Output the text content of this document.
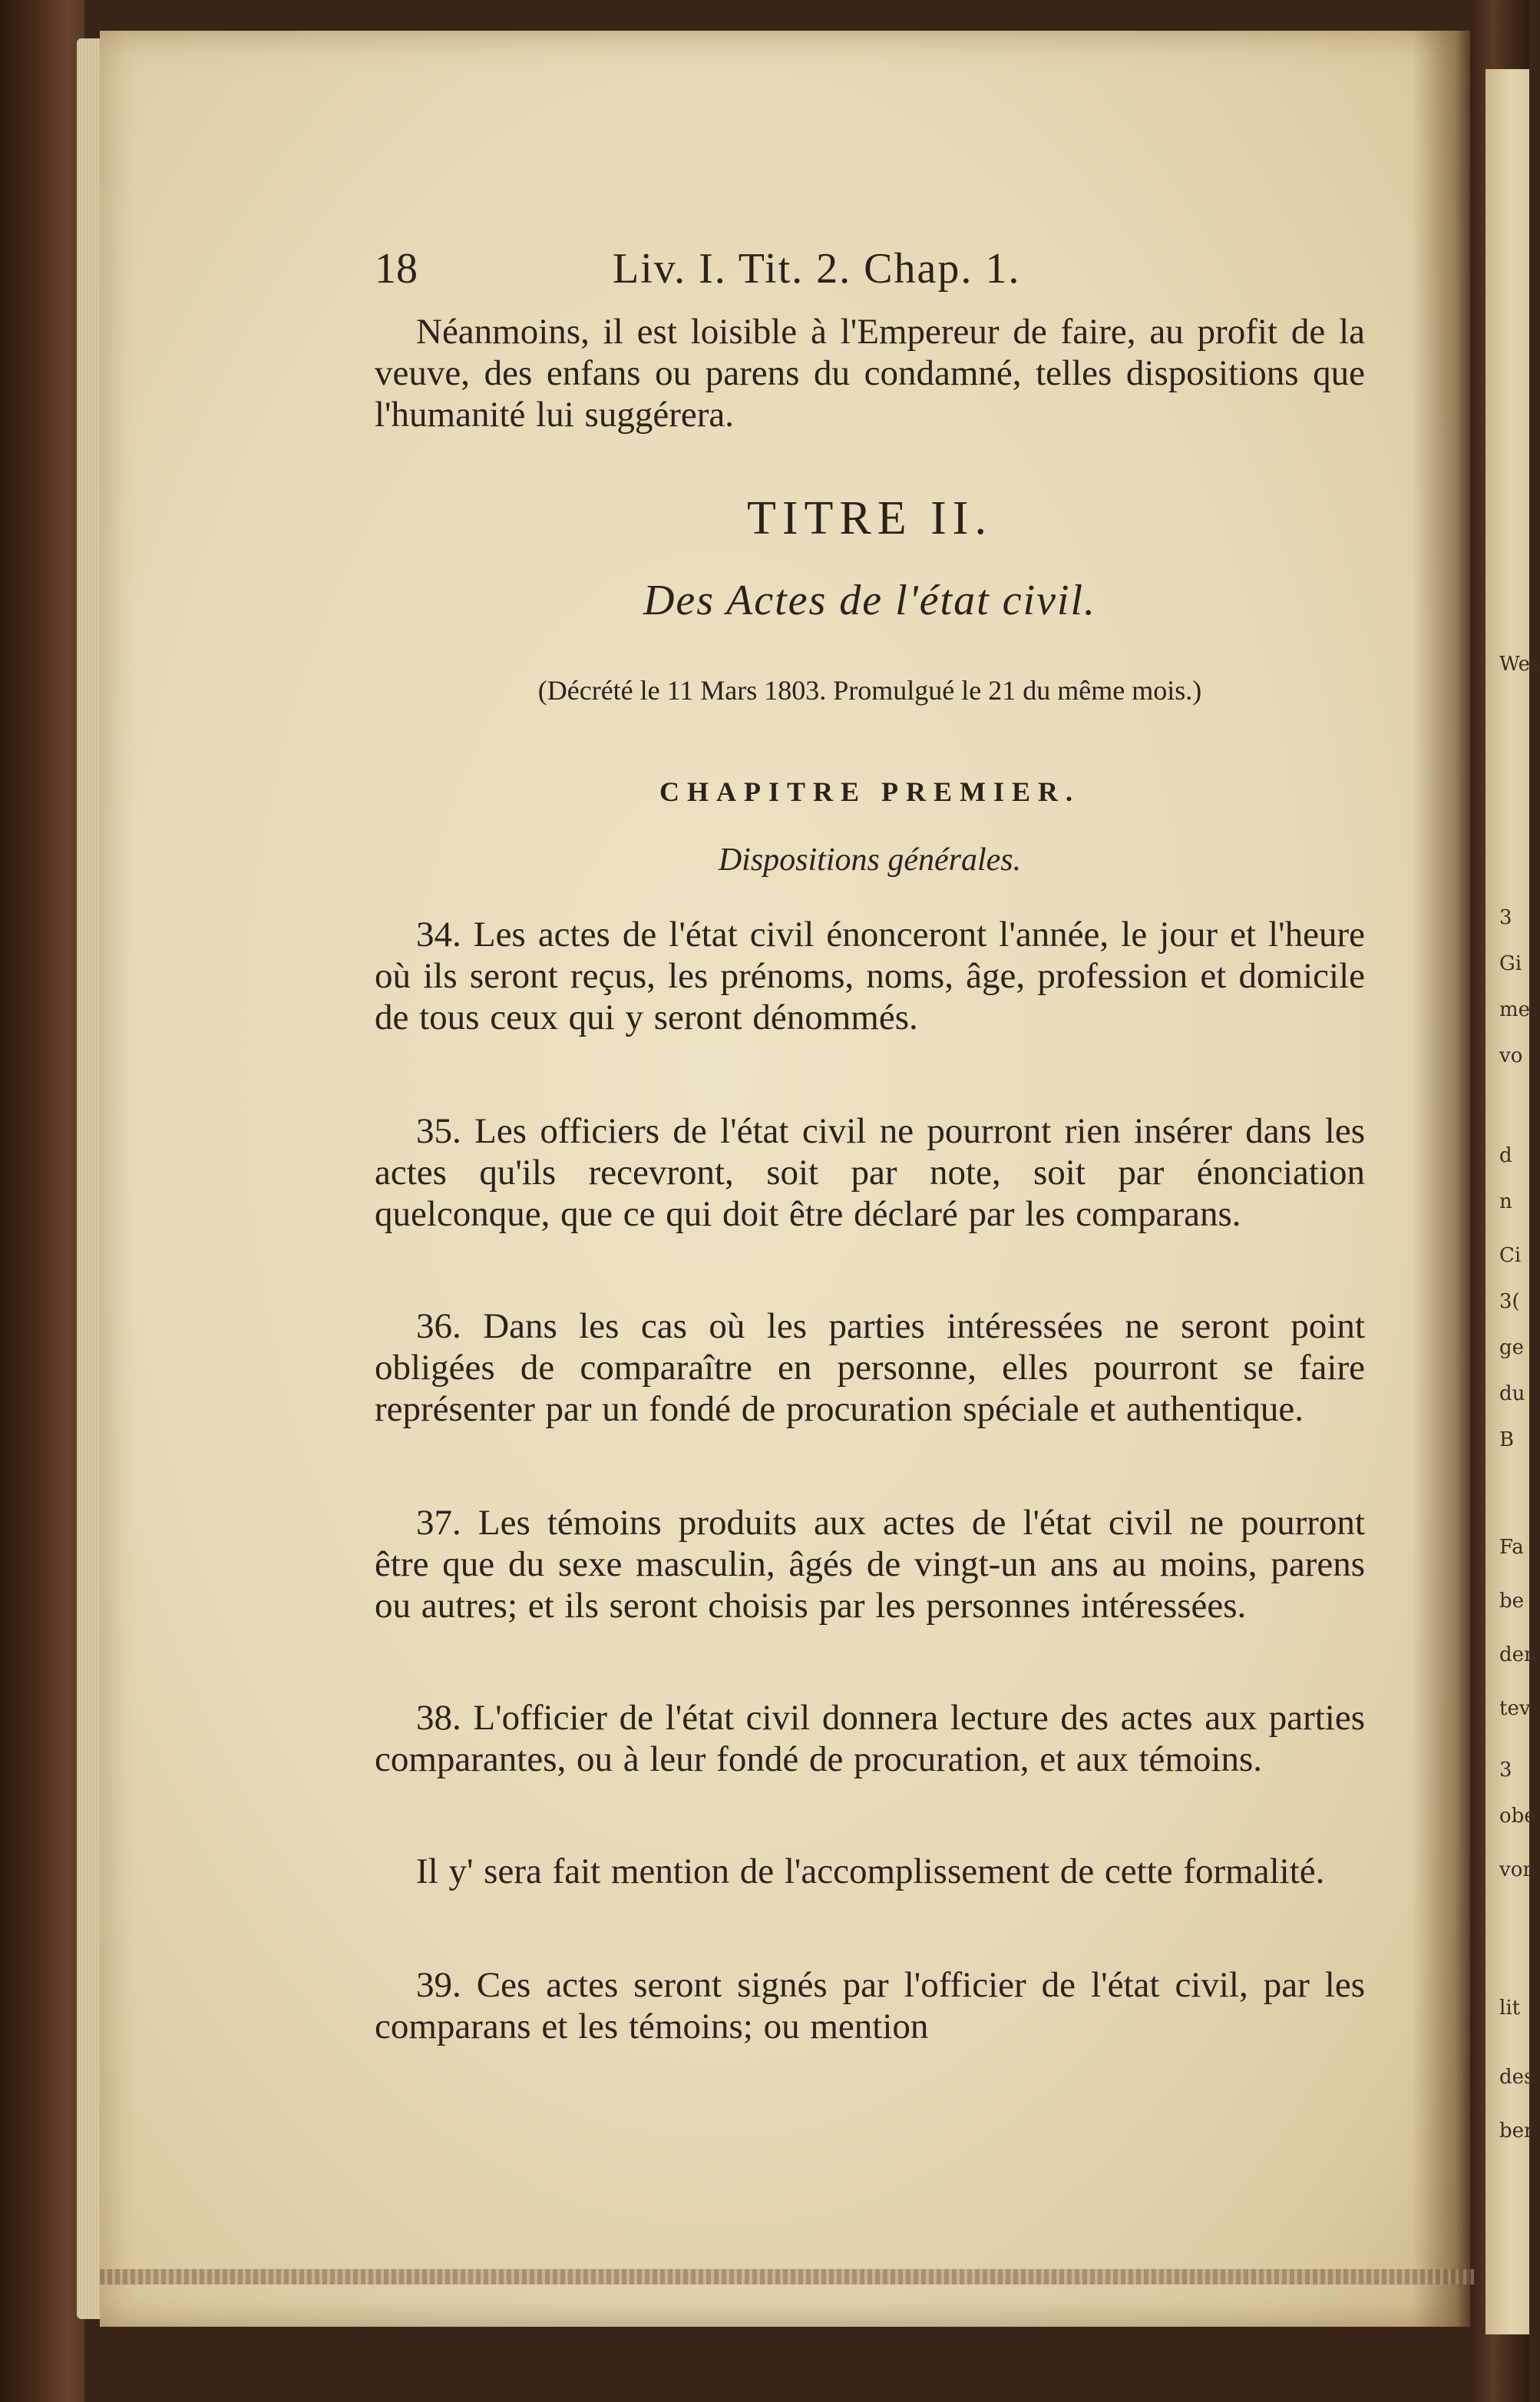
Wes
3
Gi
me
vo
d
n
Ci
3(
ge
du
B
Fa
be
den
tev
3
obe
vor
lit
des
ber
18	Liv. I. Tit. 2. Chap. 1.

Néanmoins, il est loisible à l'Empereur de faire, au profit de la veuve, des enfans ou parens du condamné, telles dispositions que l'humanité lui suggérera.

TITRE II.
Des Actes de l'état civil.
(Décrété le 11 Mars 1803. Promulgué le 21 du même mois.)
CHAPITRE PREMIER.
Dispositions générales.

34. Les actes de l'état civil énonceront l'année, le jour et l'heure où ils seront reçus, les prénoms, noms, âge, profession et domicile de tous ceux qui y seront dénommés.

35. Les officiers de l'état civil ne pourront rien insérer dans les actes qu'ils recevront, soit par note, soit par énonciation quelconque, que ce qui doit être déclaré par les comparans.

36. Dans les cas où les parties intéressées ne seront point obligées de comparaître en personne, elles pourront se faire représenter par un fondé de procuration spéciale et authentique.

37. Les témoins produits aux actes de l'état civil ne pourront être que du sexe masculin, âgés de vingt-un ans au moins, parens ou autres; et ils seront choisis par les personnes intéressées.

38. L'officier de l'état civil donnera lecture des actes aux parties comparantes, ou à leur fondé de procuration, et aux témoins.

Il y' sera fait mention de l'accomplissement de cette formalité.

39. Ces actes seront signés par l'officier de l'état civil, par les comparans et les témoins; ou mention
